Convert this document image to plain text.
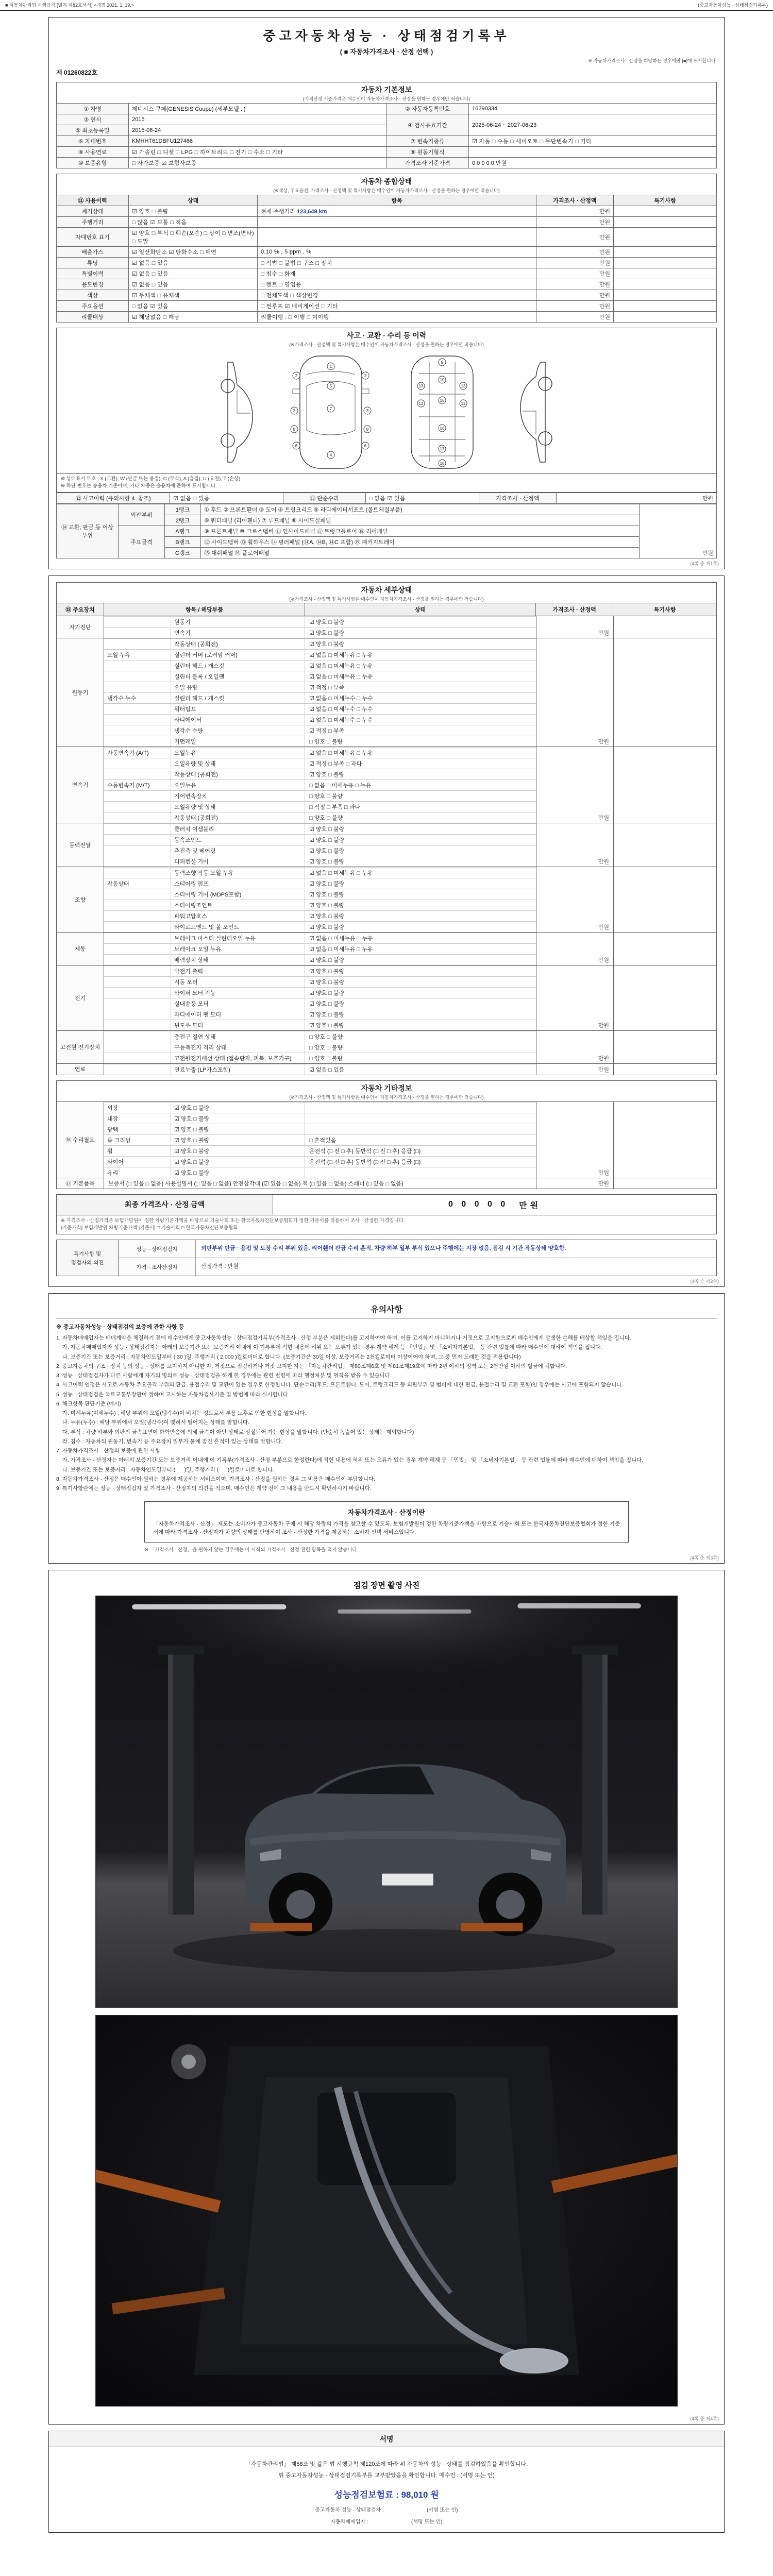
■ 자동차관리법 시행규칙 [별지 제82호서식] <개정 2021. 1. 19.>	(중고자동차성능 · 상태점검기록부)
중고자동차성능 · 상태점검기록부
( ■ 자동차가격조사 · 산정 선택 )
※ 자동차가격조사 · 산정을 희망하는 경우에만 [■]에 표시합니다.
제 01260822호
자동차 기본정보
(가격산정 기준가격은 매수인이 자동차가격조사 · 산정을 원하는 경우에만 적습니다)
① 차명	제네시스 쿠페(GENESIS Coupe) (세부모델 : )	② 자동차등록번호	16290334
③ 연식	2015	④ 검사유효기간	2025-06-24 ~ 2027-06-23
⑤ 최초등록일	2015-06-24		
⑥ 차대번호	KMHHT61DBFU127466	⑦ 변속기종류	☑ 자동 □ 수동 □ 세미오토 □ 무단변속기 □ 기타
⑧ 사용연료	☑ 가솔린 □ 디젤 □ LPG □ 하이브리드 □ 전기 □ 수소 □ 기타	⑨ 원동기형식	
⑩ 보증유형	□ 자가보증 ☑ 보험사보증	가격조사 기준가격	0 0 0 0 0 만원
자동차 종합상태
(※색상, 주요옵션, 가격조사 · 산정액 및 특기사항은 매수인이 자동차가격조사 · 산정을 원하는 경우에만 적습니다)
⑪ 사용이력	상태	항목	가격조사 · 산정액	특기사항
계기상태	☑ 양호 □ 불량	현재 주행거리 123,649 km	만원	
주행거리	□ 많음 ☑ 보통 □ 적음		만원	
차대번호 표기	☑ 양호 □ 부식 □ 훼손(오손) □ 상이 □ 변조(변타) □ 도말		만원	
배출가스	☑ 일산화탄소 ☑ 탄화수소 □ 매연	0.10 % , 5 ppm , %	만원	
튜닝	☑ 없음 □ 있음	□ 적법 □ 불법 □ 구조 □ 장치	만원	
특별이력	☑ 없음 □ 있음	□ 침수 □ 화재	만원	
용도변경	☑ 없음 □ 있음	□ 렌트 □ 영업용	만원	
색상	☑ 무채색 □ 유채색	□ 전체도색 □ 색상변경	만원	
주요옵션	□ 없음 ☑ 있음	□ 썬루프 ☑ 네비게이션 □ 기타	만원	
리콜대상	☑ 해당없음 □ 해당	리콜이행 : □ 이행 □ 미이행	만원	
사고 · 교환 · 수리 등 이력
(※가격조사 · 산정액 및 특기사항은 매수인이 자동차가격조사 · 산정을 원하는 경우에만 적습니다)
1
2	2
3	3
7
4
6	6
5
8	8
9
10
12	12
13	13
15
16
17
18
※ 상태표시 부호 : X (교환), W (판금 또는 용접), C (부식), A (흠집), U (요철), T (손상)
※ 하단 번호는 승용차 기준이며, 기타 차종은 승용차에 준하여 표시합니다.
⑫ 사고이력 (유의사항 4. 참조)	☑ 없음 □ 있음	⑬ 단순수리	□ 없음 ☑ 있음	가격조사 · 산정액	만원
⑭ 교환, 판금 등 이상 부위	외판부위	1랭크	① 후드 ② 프론트휀더 ③ 도어 ④ 트렁크리드 ⑤ 라디에이터서포트 (볼트체결부품)	만원
		2랭크	⑥ 쿼터패널 (리어휀더) ⑦ 루프패널 ⑧ 사이드실패널	
	주요골격	A랭크	⑨ 프론트패널 ⑩ 크로스멤버 ⑪ 인사이드패널 ⑰ 트렁크플로어 ⑱ 리어패널	
		B랭크	⑫ 사이드멤버 ⑬ 휠하우스 ⑭ 필러패널 (⑭A, ⑭B, ⑭C 포함) ⑲ 패키지트레이	
		C랭크	⑮ 대쉬패널 ⑯ 플로어패널	
(4쪽 중 제1쪽)
자동차 세부상태
(※가격조사 · 산정액 및 특기사항은 매수인이 자동차가격조사 · 산정을 원하는 경우에만 적습니다)
⑮ 주요장치	항목 / 해당부품	상태	가격조사 · 산정액	특기사항
자기진단
원동기	☑ 양호 □ 불량
변속기	☑ 양호 □ 불량	만원
원동기
작동상태 (공회전)	☑ 양호 □ 불량
오일 누유	실린더 커버 (로커암 커버)	☑ 없음 □ 미세누유 □ 누유
실린더 헤드 / 개스킷	☑ 없음 □ 미세누유 □ 누유
실린더 블록 / 오일팬	☑ 없음 □ 미세누유 □ 누유
오일 유량	☑ 적정 □ 부족
냉각수 누수	실린더 헤드 / 개스킷	☑ 없음 □ 미세누수 □ 누수
워터펌프	☑ 없음 □ 미세누수 □ 누수
라디에이터	☑ 없음 □ 미세누수 □ 누수
냉각수 수량	☑ 적정 □ 부족
커먼레일	□ 양호 □ 불량	만원
변속기
자동변속기 (A/T)	오일누유	☑ 없음 □ 미세누유 □ 누유
오일유량 및 상태	☑ 적정 □ 부족 □ 과다
작동상태 (공회전)	☑ 양호 □ 불량
수동변속기 (M/T)	오일누유	□ 없음 □ 미세누유 □ 누유
기어변속장치	□ 양호 □ 불량
오일유량 및 상태	□ 적정 □ 부족 □ 과다
작동상태 (공회전)	□ 양호 □ 불량	만원
동력전달
클러치 어셈블리	☑ 양호 □ 불량
등속조인트	☑ 양호 □ 불량
추진축 및 베어링	☑ 양호 □ 불량
디퍼렌셜 기어	☑ 양호 □ 불량	만원
조향
동력조향 작동 오일 누유	☑ 없음 □ 미세누유 □ 누유
작동상태	스티어링 펌프	☑ 양호 □ 불량
스티어링 기어 (MDPS포함)	☑ 양호 □ 불량
스티어링조인트	☑ 양호 □ 불량
파워고압호스	☑ 양호 □ 불량
타이로드엔드 및 볼 조인트	☑ 양호 □ 불량	만원
제동
브레이크 마스터 실린더오일 누유	☑ 없음 □ 미세누유 □ 누유
브레이크 오일 누유	☑ 없음 □ 미세누유 □ 누유
배력장치 상태	☑ 양호 □ 불량	만원
전기
발전기 출력	☑ 양호 □ 불량
시동 모터	☑ 양호 □ 불량
와이퍼 모터 기능	☑ 양호 □ 불량
실내송풍 모터	☑ 양호 □ 불량
라디에이터 팬 모터	☑ 양호 □ 불량
윈도우 모터	☑ 양호 □ 불량	만원
고전원 전기장치
충전구 절연 상태	□ 양호 □ 불량
구동축전지 격리 상태	□ 양호 □ 불량
고전원전기배선 상태 (접속단자, 피복, 보호기구)	□ 양호 □ 불량	만원
연료	연료누출 (LP가스포함)	☑ 없음 □ 있음	만원
자동차 기타정보
(※가격조사 · 산정액 및 특기사항은 매수인이 자동차가격조사 · 산정을 원하는 경우에만 적습니다)
⑯ 수리필요
외장	☑ 양호 □ 불량
내장	☑ 양호 □ 불량
광택	☑ 양호 □ 불량
룸 크리닝	☑ 양호 □ 불량	□ 흔적있음
휠	☑ 양호 □ 불량	운전석 (□ 전 □ 후) 동반석 (□ 전 □ 후) 응급 (□)
타이어	☑ 양호 □ 불량	운전석 (□ 전 □ 후) 동반석 (□ 전 □ 후) 응급 (□)
유리	☑ 양호 □ 불량	만원
⑰ 기본품목	보증서 (□ 있음 □ 없음) 사용설명서 (□ 있음 □ 없음) 안전삼각대 (☑ 있음 □ 없음) 잭 (□ 있음 □ 없음) 스패너 (□ 있음 □ 없음)	만원
최종 가격조사 · 산정 금액	0 0 0 0 0
만원
※ 가격조사 · 산정가격은 보험개발원이 정한 차량기준가액을 바탕으로 기술사회 또는 한국자동차진단보증협회가 정한 기준서를 적용하여 조사 · 산정한 가격입니다.
[기준가격] 보험개발원 차량기준가액 [기준서] □ 기술사회 □ 한국자동차진단보증협회
특기사항 및
점검자의 의견
성능 · 상태점검자	외판부위 판금 · 용접 및 도장 수리 부위 있음. 리어휀더 판금 수리 흔적. 차량 하부 일부 부식 있으나 주행에는 지장 없음. 점검 시 기관 작동상태 양호함.
가격 · 조사산정자	산정가격 : 만원
(4쪽 중 제2쪽)
유의사항
※ 중고자동차성능 · 상태점검의 보증에 관한 사항 등
1. 자동차매매업자는 매매계약을 체결하기 전에 매수인에게 중고자동차성능 · 상태점검기록부(가격조사 · 산정 부분은 제외한다)를 고지하여야 하며, 이를 고지하지 아니하거나 거짓으로 고지함으로써 매수인에게 발생한 손해를 배상할 책임을 집니다.
가. 자동차매매업자와 성능 · 상태점검자는 아래의 보증기간 또는 보증거리 이내에 이 기록부에 적힌 내용에 허위 또는 오류가 있는 경우 계약 해제 등 「민법」 및 「소비자기본법」 등 관련 법률에 따라 매수인에 대하여 책임을 집니다.
나. 보증기간 또는 보증거리 : 자동차인도일부터 ( 30 )일, 주행거리 ( 2,000 )킬로미터로 합니다. (보증기간은 30일 이상, 보증거리는 2천킬로미터 이상이어야 하며, 그 중 먼저 도래한 것을 적용합니다)
2. 중고자동차의 구조 · 장치 등의 성능 · 상태를 고지하지 아니한 자, 거짓으로 점검하거나 거짓 고지한 자는 「자동차관리법」 제80조제6호 및 제81조제19호에 따라 2년 이하의 징역 또는 2천만원 이하의 벌금에 처합니다.
3. 성능 · 상태점검자가 다른 사람에게 자기의 명의로 성능 · 상태점검을 하게 한 경우에는 관련 법령에 따라 행정처분 및 벌칙을 받을 수 있습니다.
4. 사고이력 인정은 사고로 자동차 주요골격 부위의 판금, 용접수리 및 교환이 있는 경우로 한정합니다. 단순수리(후드, 프론트휀더, 도어, 트렁크리드 등 외판부위 및 범퍼에 대한 판금, 용접수리 및 교환 포함)인 경우에는 사고에 포함되지 않습니다.
5. 성능 · 상태점검은 국토교통부장관이 정하여 고시하는 자동차검사기준 및 방법에 따라 실시합니다.
6. 체크항목 판단기준 (예시)
가. 미세누유(미세누수) : 해당 부위에 오일(냉각수)이 비치는 정도로서 부품 노후로 인한 현상을 말합니다.
나. 누유(누수) : 해당 부위에서 오일(냉각수)이 맺혀서 떨어지는 상태를 말합니다.
다. 부식 : 차량 하부와 외판의 금속표면이 화학반응에 의해 금속이 아닌 상태로 상실되어 가는 현상을 말합니다. (단순히 녹슬어 있는 상태는 제외합니다)
라. 침수 : 자동차의 원동기, 변속기 등 주요장치 일부가 물에 잠긴 흔적이 있는 상태를 말합니다.
7. 자동차가격조사 · 산정의 보증에 관한 사항
가. 가격조사 · 산정자는 아래의 보증기간 또는 보증거리 이내에 이 기록부(가격조사 · 산정 부분으로 한정한다)에 적힌 내용에 허위 또는 오류가 있는 경우 계약 해제 등 「민법」 및 「소비자기본법」 등 관련 법률에 따라 매수인에 대하여 책임을 집니다.
나. 보증기간 또는 보증거리 : 자동차인도일부터 (      )일, 주행거리 (      )킬로미터로 합니다.
8. 자동차가격조사 · 산정은 매수인이 원하는 경우에 제공하는 서비스이며, 가격조사 · 산정을 원하는 경우 그 비용은 매수인이 부담합니다.
9. 특기사항란에는 성능 · 상태점검자 및 가격조사 · 산정자의 의견을 적으며, 매수인은 계약 전에 그 내용을 반드시 확인하시기 바랍니다.
자동차가격조사 · 산정이란
「자동차가격조사 · 산정」 제도는 소비자가 중고자동차 구매 시 해당 차량의 가격을 참고할 수 있도록, 보험개발원이 정한 차량기준가액을 바탕으로 기술사회 또는 한국자동차진단보증협회가 정한 기준서에 따라 가격조사 · 산정자가 차량의 상태를 반영하여 조사 · 산정한 가격을 제공하는 소비자 선택 서비스입니다.
※ 「가격조사 · 산정」을 원하지 않는 경우에는 이 서식의 가격조사 · 산정 관련 항목을 적지 않습니다.
(4쪽 중 제3쪽)
점검 장면 촬영 사진
(4쪽 중 제4쪽)
서명

「자동차관리법」 제58조 및 같은 법 시행규칙 제120조에 따라 위 자동차의 성능 · 상태를 점검하였음을 확인합니다.

위 중고자동차성능 · 상태점검기록부를 교부받았음을 확인합니다. 매수인 : (서명 또는 인)

성능점검보험료 : 98,010 원

중고자동차 성능 · 상태점검자 :                              (서명 또는 인)

자동차매매업자 :                              (서명 또는 인)
